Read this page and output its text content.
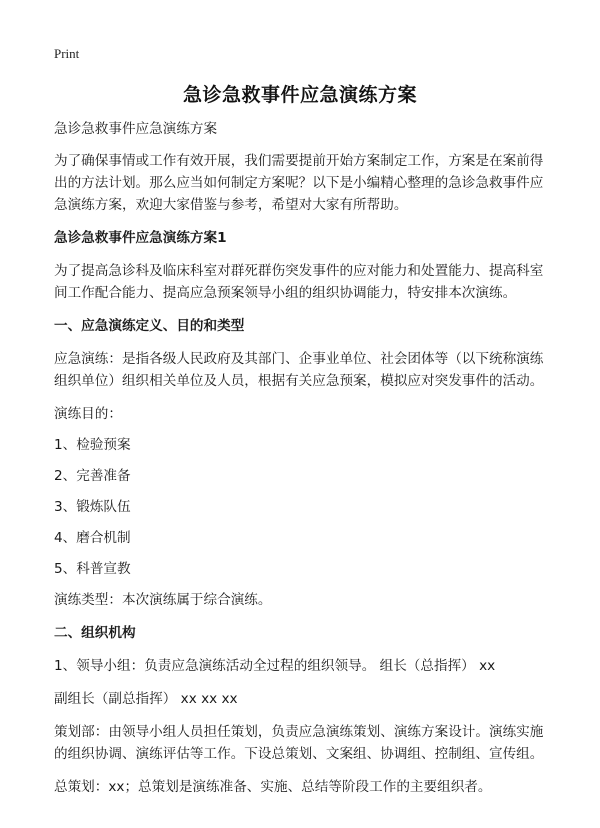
Print
急诊急救事件应急演练方案

急诊急救事件应急演练方案

为了确保事情或工作有效开展，我们需要提前开始方案制定工作，方案是在案前得出的方法计划。那么应当如何制定方案呢？以下是小编精心整理的急诊急救事件应急演练方案，欢迎大家借鉴与参考，希望对大家有所帮助。

急诊急救事件应急演练方案1

为了提高急诊科及临床科室对群死群伤突发事件的应对能力和处置能力、提高科室间工作配合能力、提高应急预案领导小组的组织协调能力，特安排本次演练。

一、应急演练定义、目的和类型

应急演练：是指各级人民政府及其部门、企事业单位、社会团体等（以下统称演练组织单位）组织相关单位及人员，根据有关应急预案，模拟应对突发事件的活动。

演练目的：

1、检验预案

2、完善准备

3、锻炼队伍

4、磨合机制

5、科普宣教

演练类型：本次演练属于综合演练。

二、组织机构

1、领导小组：负责应急演练活动全过程的组织领导。 组长（总指挥） xx

副组长（副总指挥） xx xx xx

策划部：由领导小组人员担任策划，负责应急演练策划、演练方案设计。演练实施的组织协调、演练评估等工作。下设总策划、文案组、协调组、控制组、宣传组。

总策划：xx；总策划是演练准备、实施、总结等阶段工作的主要组织者。
